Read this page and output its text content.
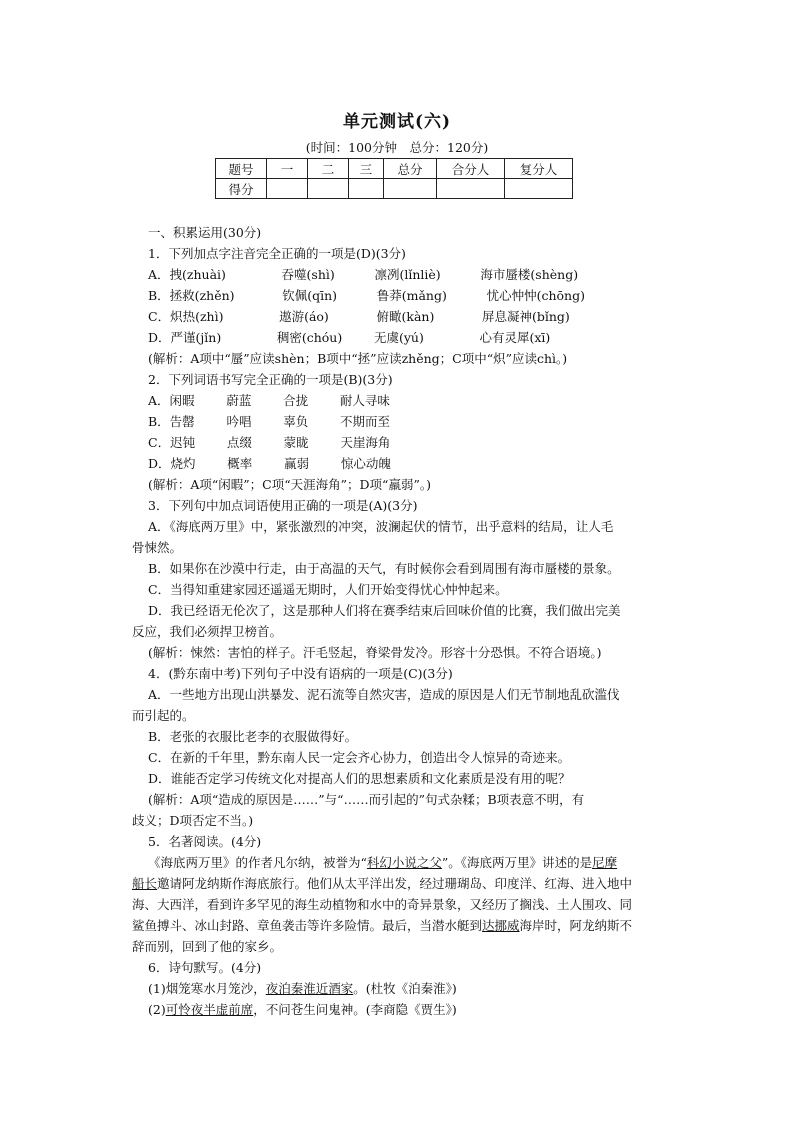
单元测试(六)
(时间：100分钟　总分：120分)
题号	一	二	三	总分	合分人	复分人
得分						

一、积累运用(30分)

1．下列加点字注音完全正确的一项是(D)(3分)

A．拽(zhuài)              吞噬(shì)          凛冽(lǐnliè)          海市蜃楼(shèng)

B．拯救(zhěn)            钦佩(qīn)          鲁莽(mǎng)          忧心忡忡(chōng)

C．炽热(zhì)              遨游(áo)            俯瞰(kàn)            屏息凝神(bǐng)

D．严谨(jǐn)              稠密(chóu)        无虞(yú)              心有灵犀(xī)

(解析：A项中“蜃”应读shèn；B项中“拯”应读zhěng；C项中“炽”应读chì。)

2．下列词语书写完全正确的一项是(B)(3分)

A．闲暇        蔚蓝        合拢        耐人寻味

B．告罄        吟唱        辜负        不期而至

C．迟钝        点缀        蒙眬        天崖海角

D．烧灼        概率        赢弱        惊心动魄

(解析：A项“闲暇”；C项“天涯海角”；D项“羸弱”。)

3．下列句中加点词语使用正确的一项是(A)(3分)

A．《海底两万里》中，紧张激烈的冲突，波澜起伏的情节，出乎意料的结局，让人毛

骨悚然。

B．如果你在沙漠中行走，由于高温的天气，有时候你会看到周围有海市蜃楼的景象。

C．当得知重建家园还遥遥无期时，人们开始变得忧心忡忡起来。

D．我已经语无伦次了，这是那种人们将在赛季结束后回味价值的比赛，我们做出完美

反应，我们必须捍卫榜首。

(解析：悚然：害怕的样子。汗毛竖起，脊梁骨发冷。形容十分恐惧。不符合语境。)

4．(黔东南中考)下列句子中没有语病的一项是(C)(3分)

A．一些地方出现山洪暴发、泥石流等自然灾害，造成的原因是人们无节制地乱砍滥伐

而引起的。

B．老张的衣服比老李的衣服做得好。

C．在新的千年里，黔东南人民一定会齐心协力，创造出令人惊异的奇迹来。

D．谁能否定学习传统文化对提高人们的思想素质和文化素质是没有用的呢？

(解析：A项“造成的原因是……”与“……而引起的”句式杂糅；B项表意不明，有

歧义；D项否定不当。)

5．名著阅读。(4分)

《海底两万里》的作者凡尔纳，被誉为“科幻小说之父”。《海底两万里》讲述的是尼摩

船长邀请阿龙纳斯作海底旅行。他们从太平洋出发，经过珊瑚岛、印度洋、红海、进入地中

海、大西洋，看到许多罕见的海生动植物和水中的奇异景象，又经历了搁浅、土人围攻、同

鲨鱼搏斗、冰山封路、章鱼袭击等许多险情。最后，当潜水艇到达挪威海岸时，阿龙纳斯不

辞而别，回到了他的家乡。

6．诗句默写。(4分)

(1)烟笼寒水月笼沙，夜泊秦淮近酒家。(杜牧《泊秦淮》)

(2)可怜夜半虚前席，不问苍生问鬼神。(李商隐《贾生》)
